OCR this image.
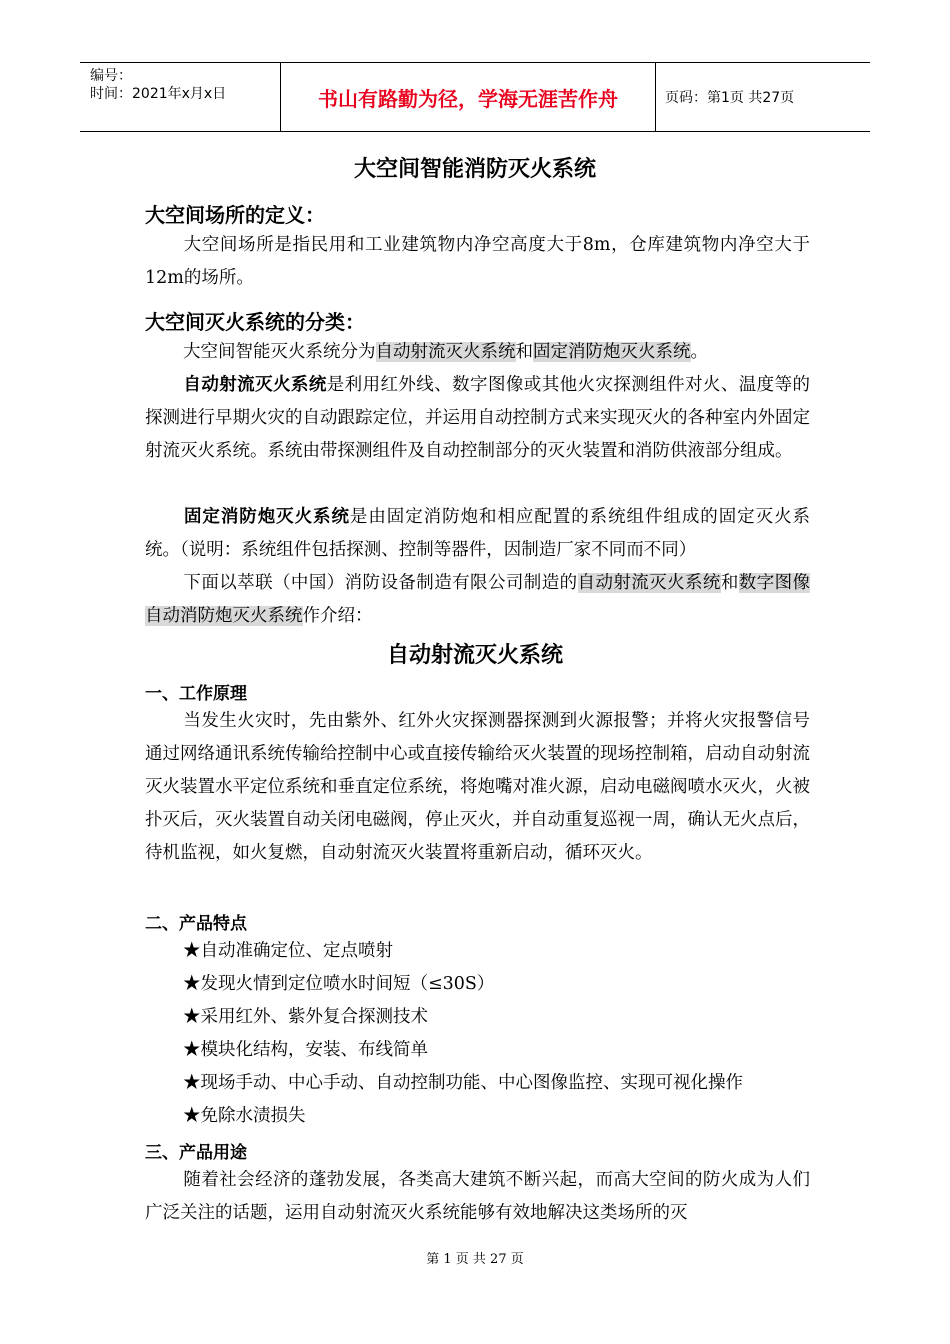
编号：
时间：2021年x月x日	书山有路勤为径，学海无涯苦作舟	页码：第1页 共27页
大空间智能消防灭火系统
大空间场所的定义：
大空间场所是指民用和工业建筑物内净空高度大于8m，仓库建筑物内净空大于12m的场所。
大空间灭火系统的分类：
大空间智能灭火系统分为自动射流灭火系统和固定消防炮灭火系统。
自动射流灭火系统是利用红外线、数字图像或其他火灾探测组件对火、温度等的探测进行早期火灾的自动跟踪定位，并运用自动控制方式来实现灭火的各种室内外固定射流灭火系统。系统由带探测组件及自动控制部分的灭火装置和消防供液部分组成。
固定消防炮灭火系统是由固定消防炮和相应配置的系统组件组成的固定灭火系统。（说明：系统组件包括探测、控制等器件，因制造厂家不同而不同）
下面以萃联（中国）消防设备制造有限公司制造的自动射流灭火系统和数字图像自动消防炮灭火系统作介绍：
自动射流灭火系统
一、工作原理
当发生火灾时，先由紫外、红外火灾探测器探测到火源报警；并将火灾报警信号通过网络通讯系统传输给控制中心或直接传输给灭火装置的现场控制箱，启动自动射流灭火装置水平定位系统和垂直定位系统，将炮嘴对准火源，启动电磁阀喷水灭火，火被扑灭后，灭火装置自动关闭电磁阀，停止灭火，并自动重复巡视一周，确认无火点后，待机监视，如火复燃，自动射流灭火装置将重新启动，循环灭火。
二、产品特点
★自动准确定位、定点喷射
★发现火情到定位喷水时间短（≤30S）
★采用红外、紫外复合探测技术
★模块化结构，安装、布线简单
★现场手动、中心手动、自动控制功能、中心图像监控、实现可视化操作
★免除水渍损失
三、产品用途
随着社会经济的蓬勃发展，各类高大建筑不断兴起，而高大空间的防火成为人们广泛关注的话题，运用自动射流灭火系统能够有效地解决这类场所的灭
第 1 页 共 27 页
